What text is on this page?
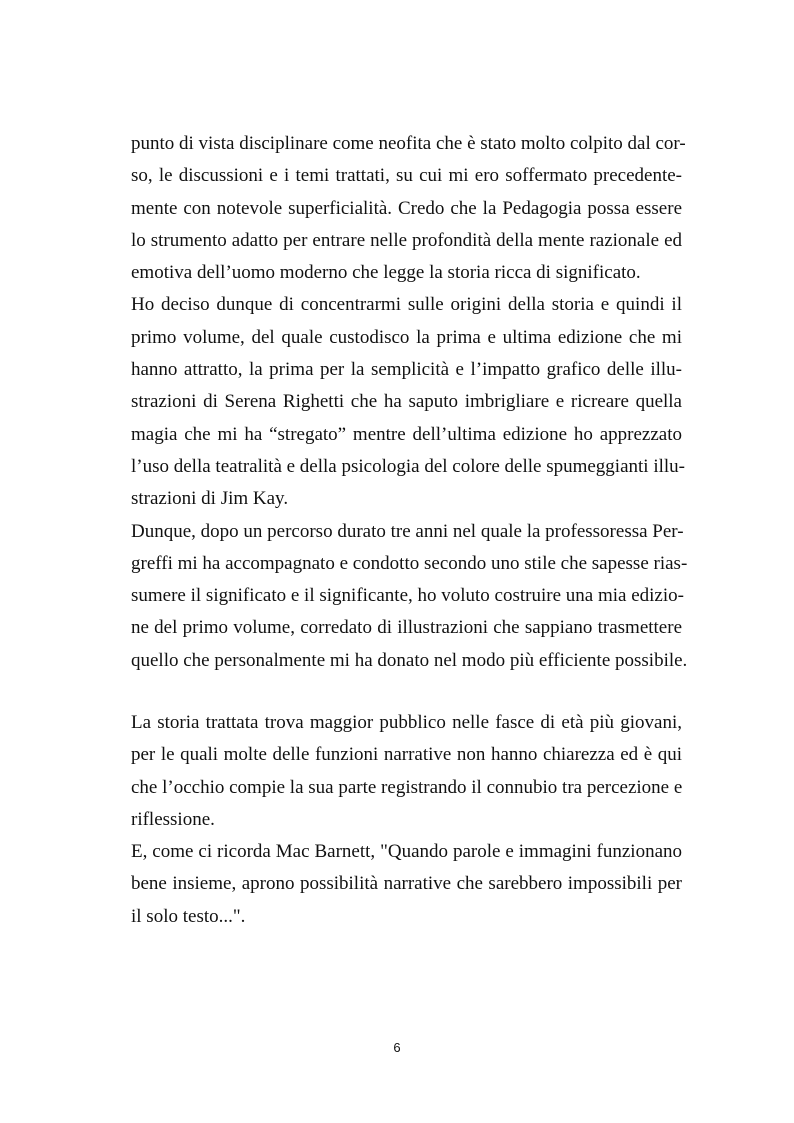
punto di vista disciplinare come neofita che è stato molto colpito dal cor-
so, le discussioni e i temi trattati, su cui mi ero soffermato precedente-
mente con notevole superficialità. Credo che la Pedagogia possa essere
lo strumento adatto per entrare nelle profondità della mente razionale ed
emotiva dell’uomo moderno che legge la storia ricca di significato.

Ho deciso dunque di concentrarmi sulle origini della storia e quindi il
primo volume, del quale custodisco la prima e ultima edizione che mi
hanno attratto, la prima per la semplicità e l’impatto grafico delle illu-
strazioni di Serena Righetti che ha saputo imbrigliare e ricreare quella
magia che mi ha “stregato” mentre dell’ultima edizione ho apprezzato
l’uso della teatralità e della psicologia del colore delle spumeggianti illu-
strazioni di Jim Kay.

Dunque, dopo un percorso durato tre anni nel quale la professoressa Per-
greffi mi ha accompagnato e condotto secondo uno stile che sapesse rias-
sumere il significato e il significante, ho voluto costruire una mia edizio-
ne del primo volume, corredato di illustrazioni che sappiano trasmettere
quello che personalmente mi ha donato nel modo più efficiente possibile.

La storia trattata trova maggior pubblico nelle fasce di età più giovani,
per le quali molte delle funzioni narrative non hanno chiarezza ed è qui
che l’occhio compie la sua parte registrando il connubio tra percezione e
riflessione.

E, come ci ricorda Mac Barnett, "Quando parole e immagini funzionano
bene insieme, aprono possibilità narrative che sarebbero impossibili per
il solo testo...".

6
